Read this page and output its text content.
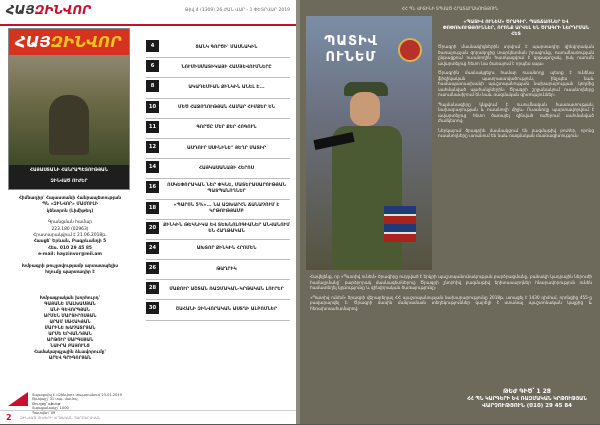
ՀԱՅԶԻՆՎՈՐ	Թիվ 4 (1309) 26 ԺԱՆ ՎԱՐ - 1 ՓԵՏՐՎԱՐ 2019
ՀԱՅԶԻՆՎՈՐ
ՀԱՅԱՍՏԱՆԻ ՀԱՆՐԱՊԵՏՈՒԹՅԱՆ
ԶԻՆՎԱԾ ՈՒԺԵՐ
Հիմնադիր՝ Հայաստանի Հանրապետության
ՊՆ «ԶԻՆՎՈՐ» ՄԱՄՈՒԼԻ
կենտրոն (Լիմիթեդ)
Գրանցման համար
223.180 (02963)
Հրատարակվում է 21.06.2018թ.
Հասցե՝ Երևան, Բագրևանդի 5
Հեռ. 010 29 45 85
e-mail: hayzinvor@mil.am
Խմբագրի թույլտվությամբ արտատպելիս
հղումը պարտադիր է
Խմբագրական խորհուրդ՝
ԳԱՅԱՆԵ ՄԱԼԽԱՍՅԱՆ
ԱՆԻ ԳԵՎՈՐԳՅԱՆ
ԱՐՄԵՆ ՄԱՐՏԻՐՈՍՅԱՆ
ԱՐԱՄ ՍԱՀԱԿՅԱՆ
ՄԱՐԻՆԵ ԽԱՉԱՏՐՅԱՆ
ԱՐՄԵ ԵՐՎԱՆԴՅԱՆ
ԱՐԹՈՒՐ ՍԱՐԳՍՅԱՆ
ՆԱԻՐԱ ԲԱՅՈՒՆՑ
Համակարգչային ձևավորումը՝
ԱՐԵՎ ԳՐԻԳՈՐՅԱՆ
Տպագրվել է «Զինվոր» տպարանում 23.01.2019
Ծավալը՝ 31 տպ. մամուլ
Թուղթը՝ օֆսեթ
Տպաքանակը՝ 1000
Պատվեր՝ 09
4	ՑԱՆԿ ԳՈՐԾԻ՝ ՄԱՍՆԱԿԻՆ
6	ՆՈՒՄԻՍՄԱՏԻԿԱՅԻ ՀԱՄՅԵՎՈՒՄՆԵՐԸ
8	ԱԿԱԴԵՄԻԱՆ ՔԻՆԿԻՆ ԱՆԵԼ Է...
10	ՄԵԾ ՀԱՋՈՂՈՒԹՅԱՆ ՀԱՄԱՐ ՀԻՄՔԵՐ ԵՆ
11	ԳՈՐԾԸ ՄԵՐ ՔԵՐ ՀՈԳՈՒՆ
12	ԱՍԴՈՒՐ ՍՍԻՆԻՆԵ" ՅԵՂՐ ՄԱՏԻՐ
14	ՀԱՅԿԱՍԱՆԱՅԻ ՀԵՐՈՍ
16	ՈՍԿԵՓՈՐԱԿԱՆ ՆԵՐ ՓԿՆԵ, ՄԱՏԵՐԱՍԱՐՈՒԹՅԱՆ ՊԱՏՊԱՆՈՂՆԵՐ
18	«ՊԱՐՈՆ 5%»... ՆԱ ԱԶԽԱՐՀՆ ՃԱՆԱՉՈՒՄ Է ԿՐԹՈՒԹՅԱՄԲ
20	ՔԻՆԿԻՆ ԹԵԿՆԻԿԱ ԵՎ ՏԵԽՆՈԼՈԳԻԱՆԵՐ ԱՆՎԱՆՈՒՄ ԵՆ ՀԱՂԹԱԿԱՆ
24	ԱԽՏՈՐ ՔԻՆԿԻՆ ՀՐՈՄԵՆ
26	ԹԱՂՐԻԿ
28	ՄԱՔՈՒՐ ԱՇՏԱՆ ՌԱԶՄԱԿԱՆ-ԿՐԹԱԿԱՆ ԼՈՒՐԵՐ
30	ՇԱՀԱՆԻ ԶԻՆՎՈՐԱԿԱՆ ԱՍՏՂԻ ԱԼԲՈՄՆԵՐ
2 ԶԻՆՎԱԾ ՈՒԺԵՐԻ ԿՐԹԱԿԱՆ ՊԱՐԲԵՐԱԿԱՆ
ՀՀ ՊՆ ՎԻՏԻՆԻ ՏՊՎԱԾ ՀՐԱՏԱՐԱԿՈՒԹՅՈՒՆ
ՊԱՏԻՎ
ՈՒՆԵՄ

«ՊԱՏԻՎ ՈՒՆԵՄ» ԾՐԱԳԻՐ. ՊԱՏՃԱՌՆԵՐ ԵՎ ՓՈՓՈԽՈՒԹՅՈՒՆՆԵՐ, ՈՐՈՆՔ ԱՐՎԵԼ ԵՆ ԾՐԱԳՐԻ ՆԵՐԴՐՄԱՆ ՀԵՏ

Ծրագրի մասնակիցներին տրվում է պարտադիր զինվորական ծառայության զորակոչից տարկետման իրավունք, ուսումնառության ընթացքում ուսանողին հատկացվում է կրթաթոշակ, իսկ ուսումն ավարտելուց հետո նա ծառայում է որպես սպա։

Ծրագրին մասնակցելու համար ուսանողը պետք է ունենա ֆիզիկական պատրաստվածություն, ինչպես նաև համապատասխանի պաշտպանության նախարարության կողմից սահմանված պահանջներին։ Ծրագրի շրջանակում ուսանողները ուսումնասիրում են նաև ռազմական գիտություններ։

Պայմանագիրը կնքվում է ուսումնական հաստատության, նախարարության և ուսանողի միջև։ Ուսանողը պարտավորվում է ավարտելուց հետո ծառայել զինված ուժերում սահմանված ժամկետով։

Ներկայում ծրագրին մասնակցում են բազմաթիվ բուհեր, որոնց ուսանողները ստանում են նաև ռազմական մասնագիտություն։

Հավելենք, որ «Պատիվ ունեմ» ծրագիրը ուղղված է երկրի պաշտպանունակության բարձրացմանը, բանակի կադրային ներուժի համալրմանը՝ բարձրորակ մասնագետներով։ Ծրագրի շնորհիվ բազմաթիվ երիտասարդներ հնարավորություն ունեն համատեղել կրթությունը և զինվորական ծառայությունը։

«Պատիվ ունեմ» ծրագրի վերաբերյալ ՀՀ պաշտպանության նախարարությունը 2018թ. ստացել է 1430 դիմում, որոնցից 455-ը բավարարվել է։ Ծրագրի մասին մանրամասն տեղեկություններ կարելի է ստանալ պաշտոնական կայքից և հեռախոսահամարով։

ԹԵԺ ԳԻԾ՝ 1 28
ՀՀ ՊՆ ԿԱՐԳԵՐԻ ԵՎ ՌԱԶՄԱԿԱՆ ԿՐԹՈՒԹՅԱՆ
ՎԱՐՉՈՒԹՅՈՒՆ (010) 29 45 84
